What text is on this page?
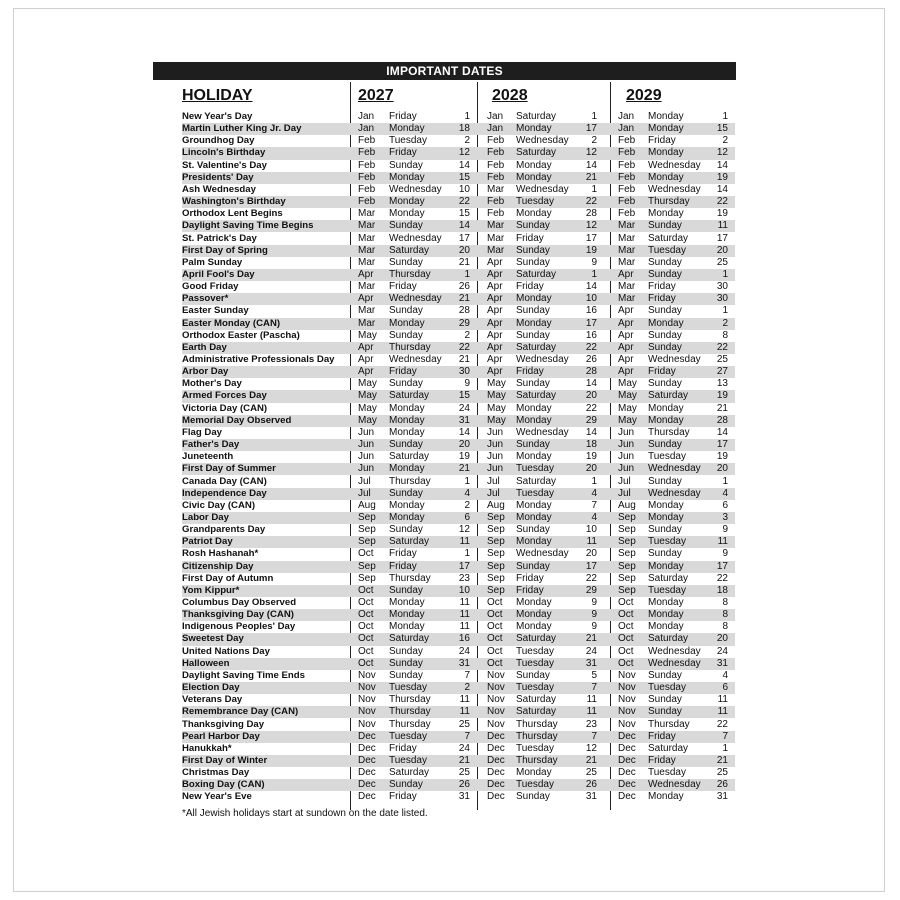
IMPORTANT DATES
HOLIDAY	2027	2028	2029
New Year's Day	Jan Friday	1 Jan Saturday	1 Jan Monday	1
Martin Luther King Jr. Day	Jan Monday	18 Jan Monday	17 Jan Monday	15
Groundhog Day	Feb Tuesday	2 Feb Wednesday	2 Feb Friday	2
Lincoln's Birthday	Feb Friday	12 Feb Saturday	12 Feb Monday	12
St. Valentine's Day	Feb Sunday	14 Feb Monday	14 Feb Wednesday	14
Presidents' Day	Feb Monday	15 Feb Monday	21 Feb Monday	19
Ash Wednesday	Feb Wednesday	10 Mar Wednesday	1 Feb Wednesday	14
Washington's Birthday	Feb Monday	22 Feb Tuesday	22 Feb Thursday	22
Orthodox Lent Begins	Mar Monday	15 Feb Monday	28 Feb Monday	19
Daylight Saving Time Begins	Mar Sunday	14 Mar Sunday	12 Mar Sunday	11
St. Patrick's Day	Mar Wednesday	17 Mar Friday	17 Mar Saturday	17
First Day of Spring	Mar Saturday	20 Mar Sunday	19 Mar Tuesday	20
Palm Sunday	Mar Sunday	21 Apr Sunday	9 Mar Sunday	25
April Fool's Day	Apr Thursday	1 Apr Saturday	1 Apr Sunday	1
Good Friday	Mar Friday	26 Apr Friday	14 Mar Friday	30
Passover*	Apr Wednesday	21 Apr Monday	10 Mar Friday	30
Easter Sunday	Mar Sunday	28 Apr Sunday	16 Apr Sunday	1
Easter Monday (CAN)	Mar Monday	29 Apr Monday	17 Apr Monday	2
Orthodox Easter (Pascha)	May Sunday	2 Apr Sunday	16 Apr Sunday	8
Earth Day	Apr Thursday	22 Apr Saturday	22 Apr Sunday	22
Administrative Professionals Day Apr Wednesday	21 Apr Wednesday	26 Apr Wednesday	25
Arbor Day	Apr Friday	30 Apr Friday	28 Apr Friday	27
Mother's Day	May Sunday	9 May Sunday	14 May Sunday	13
Armed Forces Day	May Saturday	15 May Saturday	20 May Saturday	19
Victoria Day (CAN)	May Monday	24 May Monday	22 May Monday	21
Memorial Day Observed	May Monday	31 May Monday	29 May Monday	28
Flag Day	Jun Monday	14 Jun Wednesday	14 Jun Thursday	14
Father's Day	Jun Sunday	20 Jun Sunday	18 Jun Sunday	17
Juneteenth	Jun Saturday	19 Jun Monday	19 Jun Tuesday	19
First Day of Summer	Jun Monday	21 Jun Tuesday	20 Jun Wednesday	20
Canada Day (CAN)	Jul Thursday	1 Jul Saturday	1 Jul Sunday	1
Independence Day	Jul Sunday	4 Jul Tuesday	4 Jul Wednesday	4
Civic Day (CAN)	Aug Monday	2 Aug Monday	7 Aug Monday	6
Labor Day	Sep Monday	6 Sep Monday	4 Sep Monday	3
Grandparents Day	Sep Sunday	12 Sep Sunday	10 Sep Sunday	9
Patriot Day	Sep Saturday	11 Sep Monday	11 Sep Tuesday	11
Rosh Hashanah*	Oct Friday	1 Sep Wednesday	20 Sep Sunday	9
Citizenship Day	Sep Friday	17 Sep Sunday	17 Sep Monday	17
First Day of Autumn	Sep Thursday	23 Sep Friday	22 Sep Saturday	22
Yom Kippur*	Oct Sunday	10 Sep Friday	29 Sep Tuesday	18
Columbus Day Observed	Oct Monday	11 Oct Monday	9 Oct Monday	8
Thanksgiving Day (CAN)	Oct Monday	11 Oct Monday	9 Oct Monday	8
Indigenous Peoples' Day	Oct Monday	11 Oct Monday	9 Oct Monday	8
Sweetest Day	Oct Saturday	16 Oct Saturday	21 Oct Saturday	20
United Nations Day	Oct Sunday	24 Oct Tuesday	24 Oct Wednesday	24
Halloween	Oct Sunday	31 Oct Tuesday	31 Oct Wednesday	31
Daylight Saving Time Ends	Nov Sunday	7 Nov Sunday	5 Nov Sunday	4
Election Day	Nov Tuesday	2 Nov Tuesday	7 Nov Tuesday	6
Veterans Day	Nov Thursday	11 Nov Saturday	11 Nov Sunday	11
Remembrance Day (CAN)	Nov Thursday	11 Nov Saturday	11 Nov Sunday	11
Thanksgiving Day	Nov Thursday	25 Nov Thursday	23 Nov Thursday	22
Pearl Harbor Day	Dec Tuesday	7 Dec Thursday	7 Dec Friday	7
Hanukkah*	Dec Friday	24 Dec Tuesday	12 Dec Saturday	1
First Day of Winter	Dec Tuesday	21 Dec Thursday	21 Dec Friday	21
Christmas Day	Dec Saturday	25 Dec Monday	25 Dec Tuesday	25
Boxing Day (CAN)	Dec Sunday	26 Dec Tuesday	26 Dec Wednesday	26
New Year's Eve	Dec Friday	31 Dec Sunday	31 Dec Monday	31
*All Jewish holidays start at sundown on the date listed.
